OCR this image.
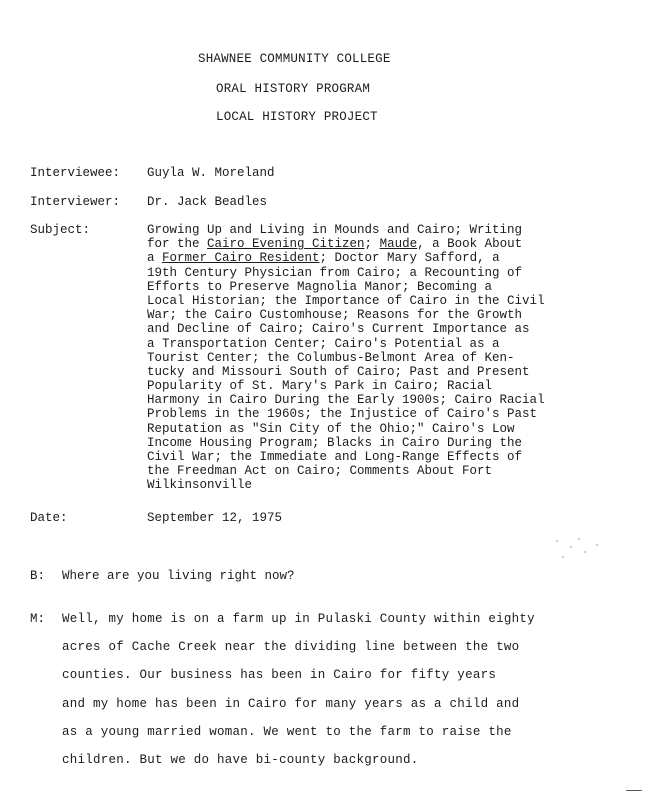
SHAWNEE COMMUNITY COLLEGE
ORAL HISTORY PROGRAM
LOCAL HISTORY PROJECT
Interviewee: Guyla W. Moreland
Interviewer: Dr. Jack Beadles
Subject:	Growing Up and Living in Mounds and Cairo; Writing
for the Cairo Evening Citizen; Maude, a Book About
a Former Cairo Resident; Doctor Mary Safford, a
19th Century Physician from Cairo; a Recounting of
Efforts to Preserve Magnolia Manor; Becoming a
Local Historian; the Importance of Cairo in the Civil
War; the Cairo Customhouse; Reasons for the Growth
and Decline of Cairo; Cairo's Current Importance as
a Transportation Center; Cairo's Potential as a
Tourist Center; the Columbus-Belmont Area of Ken-
tucky and Missouri South of Cairo; Past and Present
Popularity of St. Mary's Park in Cairo; Racial
Harmony in Cairo During the Early 1900s; Cairo Racial
Problems in the 1960s; the Injustice of Cairo's Past
Reputation as "Sin City of the Ohio;" Cairo's Low
Income Housing Program; Blacks in Cairo During the
Civil War; the Immediate and Long-Range Effects of
the Freedman Act on Cairo; Comments About Fort
Wilkinsonville
Date:	September 12, 1975
B: Where are you living right now?
M: Well, my home is on a farm up in Pulaski County within eighty
acres of Cache Creek near the dividing line between the two
counties. Our business has been in Cairo for fifty years
and my home has been in Cairo for many years as a child and
as a young married woman. We went to the farm to raise the
children. But we do have bi-county background.
